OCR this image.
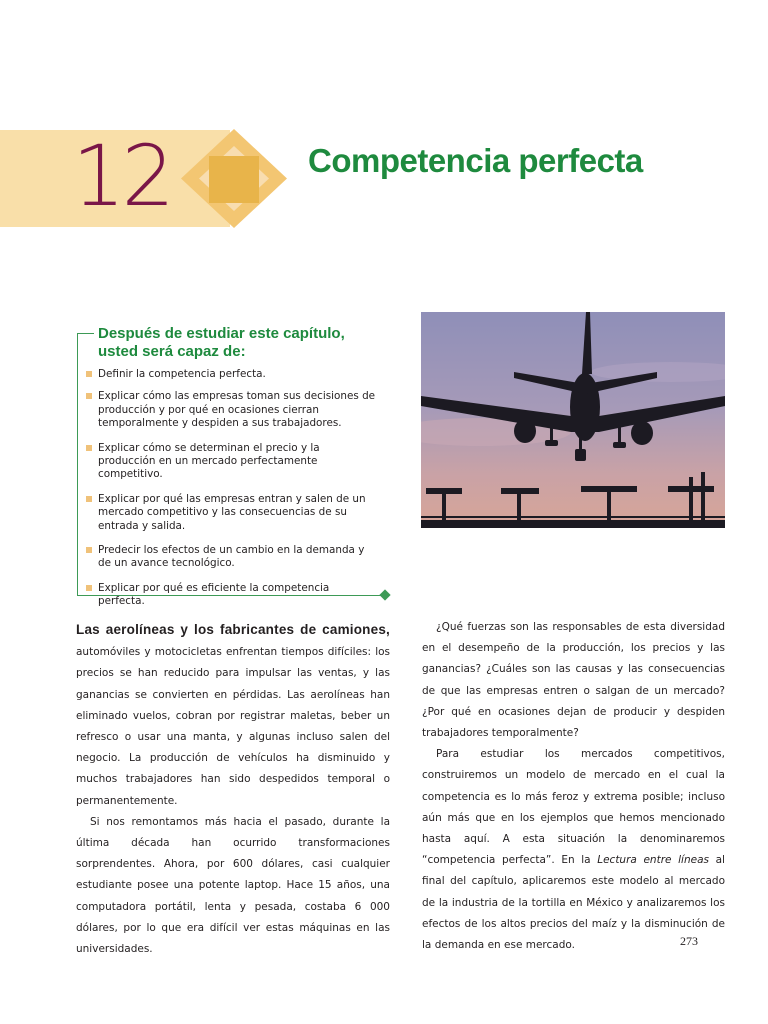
12	Competencia perfecta
Después de estudiar este capítulo,
usted será capaz de:
Definir la competencia perfecta.
Explicar cómo las empresas toman sus decisiones de producción y por qué en ocasiones cierran temporalmente y despiden a sus trabajadores.
Explicar cómo se determinan el precio y la producción en un mercado perfectamente competitivo.
Explicar por qué las empresas entran y salen de un mercado competitivo y las consecuencias de su entrada y salida.
Predecir los efectos de un cambio en la demanda y de un avance tecnológico.
Explicar por qué es eficiente la competencia perfecta.

Las aerolíneas y los fabricantes de camiones, automóviles y motocicletas enfrentan tiempos difíciles: los precios se han reducido para impulsar las ventas, y las ganancias se convierten en pérdidas. Las aerolíneas han eliminado vuelos, cobran por registrar maletas, beber un refresco o usar una manta, y algunas incluso salen del negocio. La producción de vehículos ha disminuido y muchos trabajadores han sido despedidos temporal o permanentemente.

Si nos remontamos más hacia el pasado, durante la última década han ocurrido transformaciones sorprendentes. Ahora, por 600 dólares, casi cualquier estudiante posee una potente laptop. Hace 15 años, una computadora portátil, lenta y pesada, costaba 6 000 dólares, por lo que era difícil ver estas máquinas en las universidades.

¿Qué fuerzas son las responsables de esta diversidad en el desempeño de la producción, los precios y las ganancias? ¿Cuáles son las causas y las consecuencias de que las empresas entren o salgan de un mercado? ¿Por qué en ocasiones dejan de producir y despiden trabajadores temporalmente?

Para estudiar los mercados competitivos, construiremos un modelo de mercado en el cual la competencia es lo más feroz y extrema posible; incluso aún más que en los ejemplos que hemos mencionado hasta aquí. A esta situación la denominaremos “competencia perfecta”. En la Lectura entre líneas al final del capítulo, aplicaremos este modelo al mercado de la industria de la tortilla en México y analizaremos los efectos de los altos precios del maíz y la disminución de la demanda en ese mercado.	273
